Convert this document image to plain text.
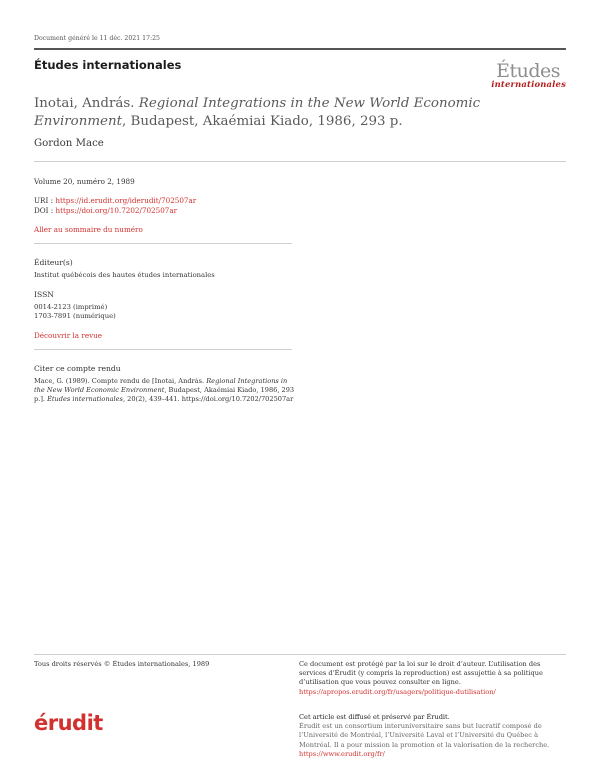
Document généré le 11 déc. 2021 17:25
Études internationales	Études
internationales
Inotai, András. Regional Integrations in the New World Economic Environment, Budapest, Akaémiai Kiado, 1986, 293 p.
Gordon Mace
Volume 20, numéro 2, 1989
URI : https://id.erudit.org/iderudit/702507ar
DOI : https://doi.org/10.7202/702507ar
Aller au sommaire du numéro
Éditeur(s)
Institut québécois des hautes études internationales
ISSN
0014-2123 (imprimé)
1703-7891 (numérique)
Découvrir la revue
Citer ce compte rendu
Mace, G. (1989). Compte rendu de [Inotai, András. Regional Integrations in the New World Economic Environment, Budapest, Akaémiai Kiado, 1986, 293 p.]. Études internationales, 20(2), 439–441. https://doi.org/10.7202/702507ar
Tous droits réservés © Études internationales, 1989	Ce document est protégé par la loi sur le droit d’auteur. L’utilisation des services d’Érudit (y compris la reproduction) est assujettie à sa politique d’utilisation que vous pouvez consulter en ligne.
https://apropos.erudit.org/fr/usagers/politique-dutilisation/
érudit	Cet article est diffusé et préservé par Érudit.
Érudit est un consortium interuniversitaire sans but lucratif composé de l’Université de Montréal, l’Université Laval et l’Université du Québec à Montréal. Il a pour mission la promotion et la valorisation de la recherche.
https://www.erudit.org/fr/
